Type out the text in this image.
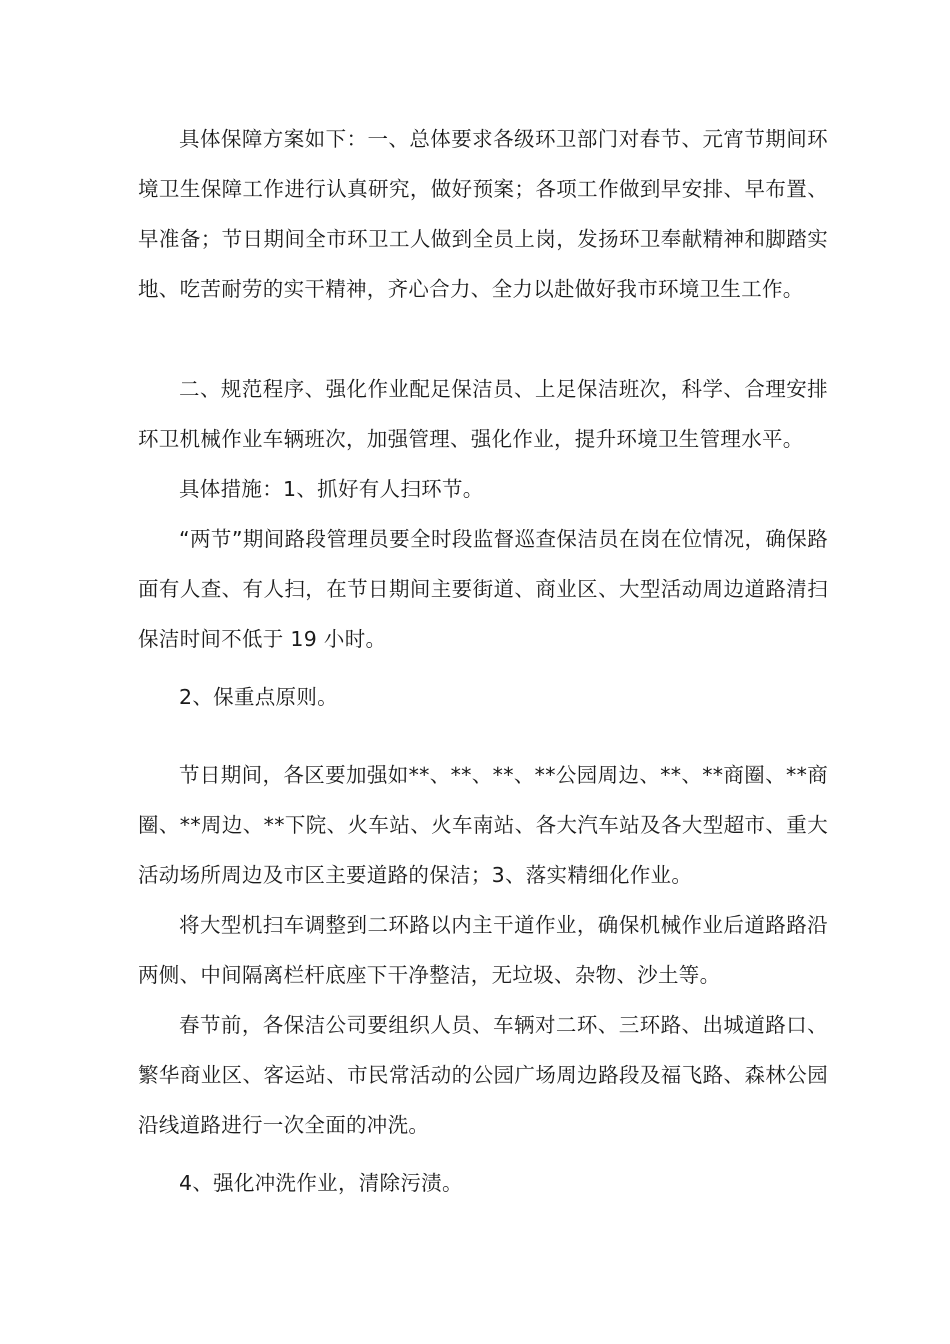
具体保障方案如下：一、总体要求各级环卫部门对春节、元宵节期间环境卫生保障工作进行认真研究，做好预案；各项工作做到早安排、早布置、早准备；节日期间全市环卫工人做到全员上岗，发扬环卫奉献精神和脚踏实地、吃苦耐劳的实干精神，齐心合力、全力以赴做好我市环境卫生工作。

二、规范程序、强化作业配足保洁员、上足保洁班次，科学、合理安排环卫机械作业车辆班次，加强管理、强化作业，提升环境卫生管理水平。

具体措施：1、抓好有人扫环节。

“两节”期间路段管理员要全时段监督巡查保洁员在岗在位情况，确保路面有人查、有人扫，在节日期间主要街道、商业区、大型活动周边道路清扫保洁时间不低于 19 小时。

2、保重点原则。

节日期间，各区要加强如**、**、**、**公园周边、**、**商圈、**商圈、**周边、**下院、火车站、火车南站、各大汽车站及各大型超市、重大活动场所周边及市区主要道路的保洁；3、落实精细化作业。

将大型机扫车调整到二环路以内主干道作业，确保机械作业后道路路沿两侧、中间隔离栏杆底座下干净整洁，无垃圾、杂物、沙土等。

春节前，各保洁公司要组织人员、车辆对二环、三环路、出城道路口、繁华商业区、客运站、市民常活动的公园广场周边路段及福飞路、森林公园沿线道路进行一次全面的冲洗。

4、强化冲洗作业，清除污渍。
